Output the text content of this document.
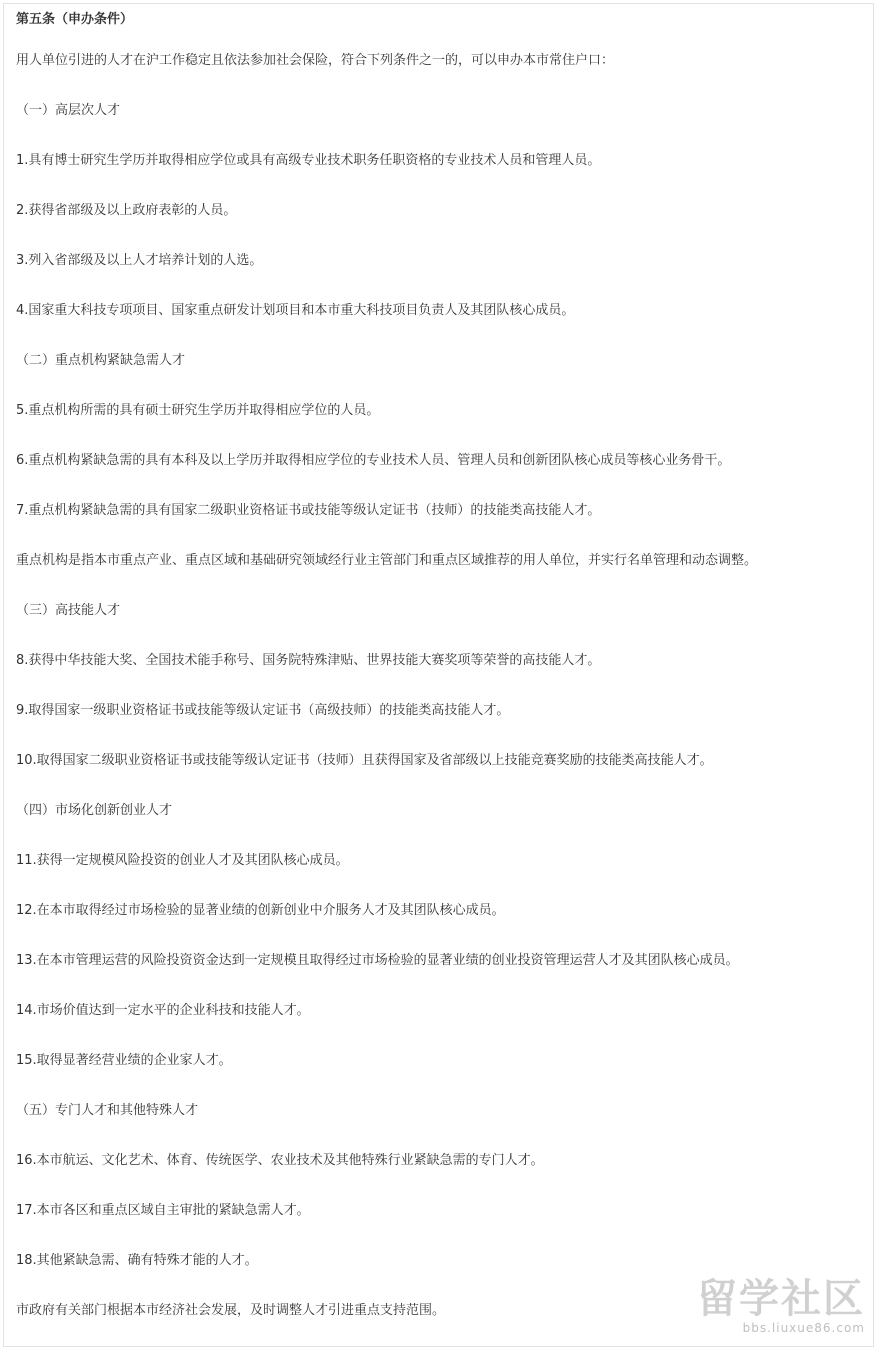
第五条（申办条件）
用人单位引进的人才在沪工作稳定且依法参加社会保险，符合下列条件之一的，可以申办本市常住户口：
（一）高层次人才
1.具有博士研究生学历并取得相应学位或具有高级专业技术职务任职资格的专业技术人员和管理人员。
2.获得省部级及以上政府表彰的人员。
3.列入省部级及以上人才培养计划的人选。
4.国家重大科技专项项目、国家重点研发计划项目和本市重大科技项目负责人及其团队核心成员。
（二）重点机构紧缺急需人才
5.重点机构所需的具有硕士研究生学历并取得相应学位的人员。
6.重点机构紧缺急需的具有本科及以上学历并取得相应学位的专业技术人员、管理人员和创新团队核心成员等核心业务骨干。
7.重点机构紧缺急需的具有国家二级职业资格证书或技能等级认定证书（技师）的技能类高技能人才。
重点机构是指本市重点产业、重点区域和基础研究领域经行业主管部门和重点区域推荐的用人单位，并实行名单管理和动态调整。
（三）高技能人才
8.获得中华技能大奖、全国技术能手称号、国务院特殊津贴、世界技能大赛奖项等荣誉的高技能人才。
9.取得国家一级职业资格证书或技能等级认定证书（高级技师）的技能类高技能人才。
10.取得国家二级职业资格证书或技能等级认定证书（技师）且获得国家及省部级以上技能竞赛奖励的技能类高技能人才。
（四）市场化创新创业人才
11.获得一定规模风险投资的创业人才及其团队核心成员。
12.在本市取得经过市场检验的显著业绩的创新创业中介服务人才及其团队核心成员。
13.在本市管理运营的风险投资资金达到一定规模且取得经过市场检验的显著业绩的创业投资管理运营人才及其团队核心成员。
14.市场价值达到一定水平的企业科技和技能人才。
15.取得显著经营业绩的企业家人才。
（五）专门人才和其他特殊人才
16.本市航运、文化艺术、体育、传统医学、农业技术及其他特殊行业紧缺急需的专门人才。
17.本市各区和重点区域自主审批的紧缺急需人才。
18.其他紧缺急需、确有特殊才能的人才。
市政府有关部门根据本市经济社会发展，及时调整人才引进重点支持范围。	留学社区
bbs.liuxue86.com
